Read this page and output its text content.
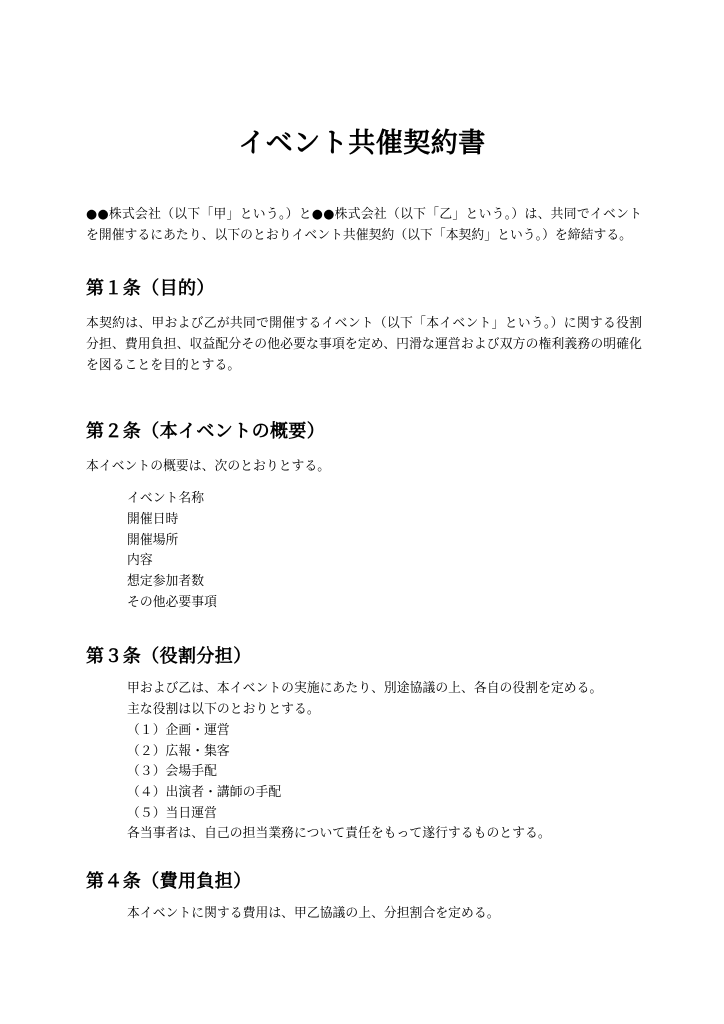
イベント共催契約書

●●株式会社（以下「甲」という。）と●●株式会社（以下「乙」という。）は、共同でイベントを開催するにあたり、以下のとおりイベント共催契約（以下「本契約」という。）を締結する。

第１条（目的）
本契約は、甲および乙が共同で開催するイベント（以下「本イベント」という。）に関する役割分担、費用負担、収益配分その他必要な事項を定め、円滑な運営および双方の権利義務の明確化を図ることを目的とする。
第２条（本イベントの概要）
本イベントの概要は、次のとおりとする。
イベント名称
開催日時
開催場所
内容
想定参加者数
その他必要事項
第３条（役割分担）
甲および乙は、本イベントの実施にあたり、別途協議の上、各自の役割を定める。
主な役割は以下のとおりとする。
（１）企画・運営
（２）広報・集客
（３）会場手配
（４）出演者・講師の手配
（５）当日運営
各当事者は、自己の担当業務について責任をもって遂行するものとする。
第４条（費用負担）
本イベントに関する費用は、甲乙協議の上、分担割合を定める。
